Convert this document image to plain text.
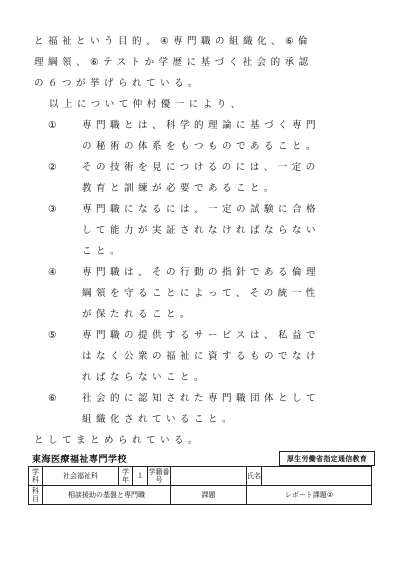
と福祉という目的、④専門職の組織化、⑥倫
理綱領、⑥テストか学歴に基づく社会的承認
の６つが挙げられている。
以上について仲村優一により、
①	専門職とは、科学的理論に基づく専門
の秘術の体系をもつものであること。
②	その技術を見につけるのには、一定の
教育と訓練が必要であること。
③	専門職になるには、一定の試験に合格
して能力が実証されなければならない
こと。
④	専門職は、その行動の指針である倫理
綱領を守ることによって、その統一性
が保たれること。
⑤	専門職の提供するサービスは、私益で
はなく公衆の福祉に資するものでなけ
ればならないこと。
⑥	社会的に認知された専門職団体として
組織化されていること。
としてまとめられている。
東海医療福祉専門学校	厚生労働省指定通信教育
学科	社会福祉科	学年	１	学籍番号		氏名	
科目	相談援助の基盤と専門職				課題	レポート課題②	
